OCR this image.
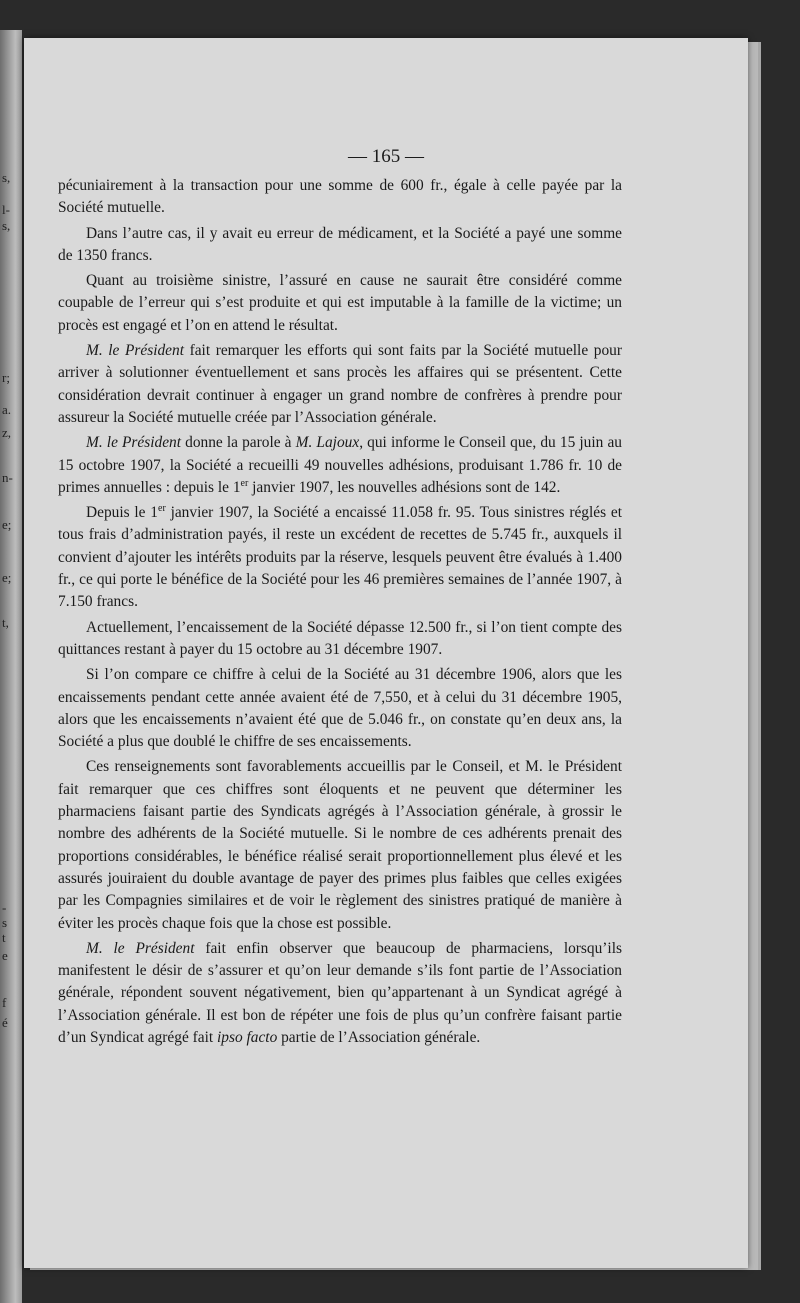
s,
l-
s,
r;
a.
z,
n-
e;
e;
t,
-
s
t
e
f
é
— 165 —

pécuniairement à la transaction pour une somme de 600 fr., égale à celle payée par la Société mutuelle.

Dans l’autre cas, il y avait eu erreur de médicament, et la Société a payé une somme de 1350 francs.

Quant au troisième sinistre, l’assuré en cause ne saurait être considéré comme coupable de l’erreur qui s’est produite et qui est imputable à la famille de la victime; un procès est engagé et l’on en attend le résultat.

M. le Président fait remarquer les efforts qui sont faits par la Société mutuelle pour arriver à solutionner éventuellement et sans procès les affaires qui se présentent. Cette considération devrait continuer à engager un grand nombre de confrères à prendre pour assureur la Société mutuelle créée par l’Association générale.

M. le Président donne la parole à M. Lajoux, qui informe le Conseil que, du 15 juin au 15 octobre 1907, la Société a recueilli 49 nouvelles adhésions, produisant 1.786 fr. 10 de primes annuelles : depuis le 1er janvier 1907, les nouvelles adhésions sont de 142.

Depuis le 1er janvier 1907, la Société a encaissé 11.058 fr. 95. Tous sinistres réglés et tous frais d’administration payés, il reste un excédent de recettes de 5.745 fr., auxquels il convient d’ajouter les intérêts produits par la réserve, lesquels peuvent être évalués à 1.400 fr., ce qui porte le bénéfice de la Société pour les 46 premières semaines de l’année 1907, à 7.150 francs.

Actuellement, l’encaissement de la Société dépasse 12.500 fr., si l’on tient compte des quittances restant à payer du 15 octobre au 31 décembre 1907.

Si l’on compare ce chiffre à celui de la Société au 31 décembre 1906, alors que les encaissements pendant cette année avaient été de 7,550, et à celui du 31 décembre 1905, alors que les encaissements n’avaient été que de 5.046 fr., on constate qu’en deux ans, la Société a plus que doublé le chiffre de ses encaissements.

Ces renseignements sont favorablements accueillis par le Conseil, et M. le Président fait remarquer que ces chiffres sont éloquents et ne peuvent que déterminer les pharmaciens faisant partie des Syndicats agrégés à l’Association générale, à grossir le nombre des adhérents de la Société mutuelle. Si le nombre de ces adhérents prenait des proportions considérables, le bénéfice réalisé serait proportionnellement plus élevé et les assurés jouiraient du double avantage de payer des primes plus faibles que celles exigées par les Compagnies similaires et de voir le règlement des sinistres pratiqué de manière à éviter les procès chaque fois que la chose est possible.

M. le Président fait enfin observer que beaucoup de pharmaciens, lorsqu’ils manifestent le désir de s’assurer et qu’on leur demande s’ils font partie de l’Association générale, répondent souvent négativement, bien qu’appartenant à un Syndicat agrégé à l’Association générale. Il est bon de répéter une fois de plus qu’un confrère faisant partie d’un Syndicat agrégé fait ipso facto partie de l’Association générale.
